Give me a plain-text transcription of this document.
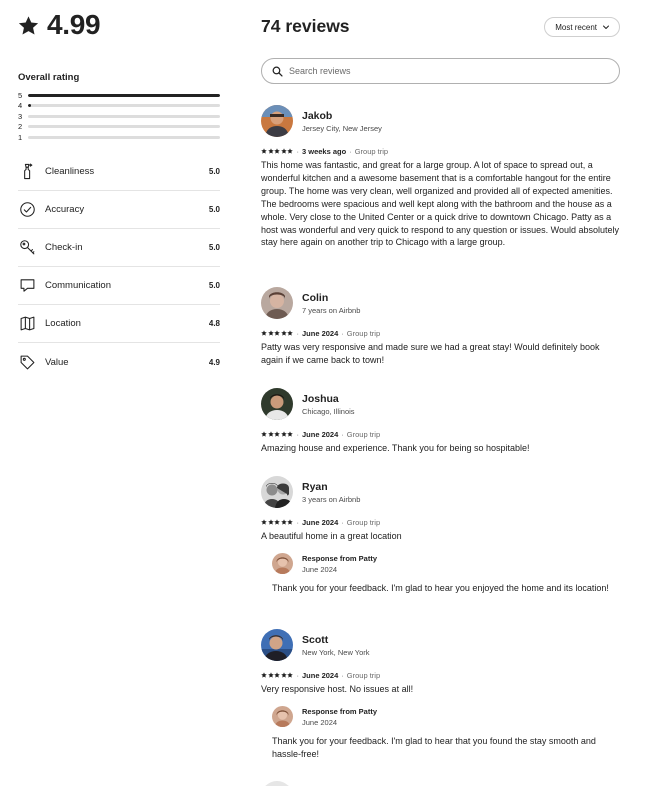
4.99
Overall rating
5
4
3
2
1
Cleanliness	5.0
Accuracy	5.0
Check-in	5.0
Communication	5.0
Location	4.8
Value	4.9
74 reviews	Most recent
Search reviews
Jakob
Jersey City, New Jersey
· 3 weeks ago · Group trip
This home was fantastic, and great for a large group. A lot of space to spread out, a wonderful kitchen and a awesome basement that is a comfortable hangout for the entire group. The home was very clean, well organized and provided all of expected amenities. The bedrooms were spacious and well kept along with the bathroom and the house as a whole. Very close to the United Center or a quick drive to downtown Chicago. Patty as a host was wonderful and very quick to respond to any question or issues. Would absolutely stay here again on another trip to Chicago with a large group.
Colin
7 years on Airbnb
· June 2024 · Group trip
Patty was very responsive and made sure we had a great stay! Would definitely book again if we came back to town!
Joshua
Chicago, Illinois
· June 2024 · Group trip
Amazing house and experience. Thank you for being so hospitable!
Ryan
3 years on Airbnb
· June 2024 · Group trip
A beautiful home in a great location
Response from Patty
June 2024
Thank you for your feedback. I'm glad to hear you enjoyed the home and its location!
Scott
New York, New York
· June 2024 · Group trip
Very responsive host. No issues at all!
Response from Patty
June 2024
Thank you for your feedback. I'm glad to hear that you found the stay smooth and hassle-free!
